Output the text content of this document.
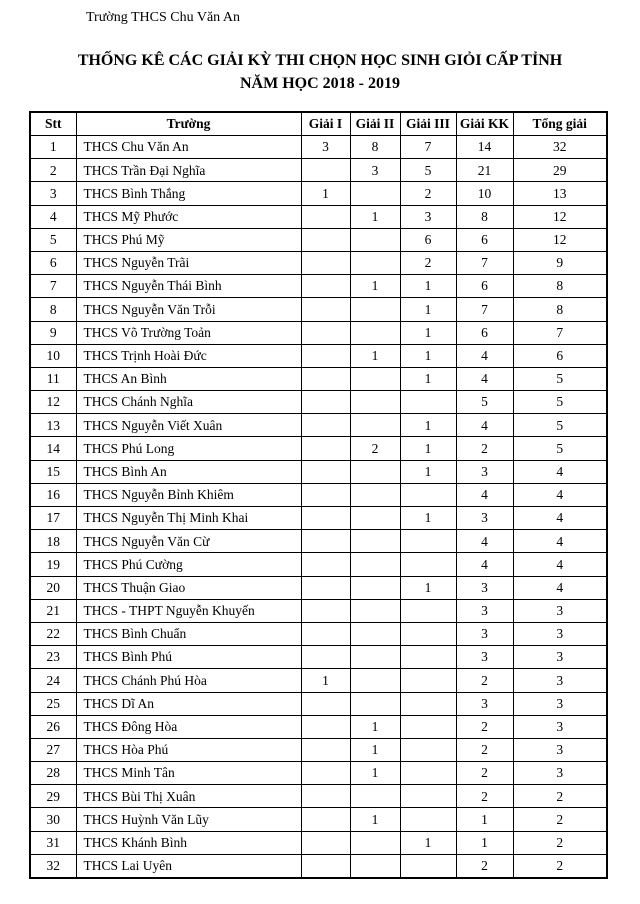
Trường THCS Chu Văn An
THỐNG KÊ CÁC GIẢI KỲ THI CHỌN HỌC SINH GIỎI CẤP TỈNH
NĂM HỌC 2018 - 2019
Stt	Trường	Giải I	Giải II	Giải III	Giải KK	Tổng giải
1	THCS Chu Văn An	3	8	7	14	32
2	THCS Trần Đại Nghĩa		3	5	21	29
3	THCS Bình Thắng	1		2	10	13
4	THCS Mỹ Phước		1	3	8	12
5	THCS Phú Mỹ			6	6	12
6	THCS Nguyễn Trãi			2	7	9
7	THCS Nguyễn Thái Bình		1	1	6	8
8	THCS Nguyễn Văn Trỗi			1	7	8
9	THCS Võ Trường Toản			1	6	7
10	THCS Trịnh Hoài Đức		1	1	4	6
11	THCS An Bình			1	4	5
12	THCS Chánh Nghĩa				5	5
13	THCS Nguyễn Viết Xuân			1	4	5
14	THCS Phú Long		2	1	2	5
15	THCS Bình An			1	3	4
16	THCS Nguyễn Bỉnh Khiêm				4	4
17	THCS Nguyễn Thị Minh Khai			1	3	4
18	THCS Nguyễn Văn Cừ				4	4
19	THCS Phú Cường				4	4
20	THCS Thuận Giao			1	3	4
21	THCS - THPT Nguyễn Khuyến				3	3
22	THCS Bình Chuẩn				3	3
23	THCS Bình Phú				3	3
24	THCS Chánh Phú Hòa	1			2	3
25	THCS Dĩ An				3	3
26	THCS Đông Hòa		1		2	3
27	THCS Hòa Phú		1		2	3
28	THCS Minh Tân		1		2	3
29	THCS Bùi Thị Xuân				2	2
30	THCS Huỳnh Văn Lũy		1		1	2
31	THCS Khánh Bình			1	1	2
32	THCS Lai Uyên				2	2
